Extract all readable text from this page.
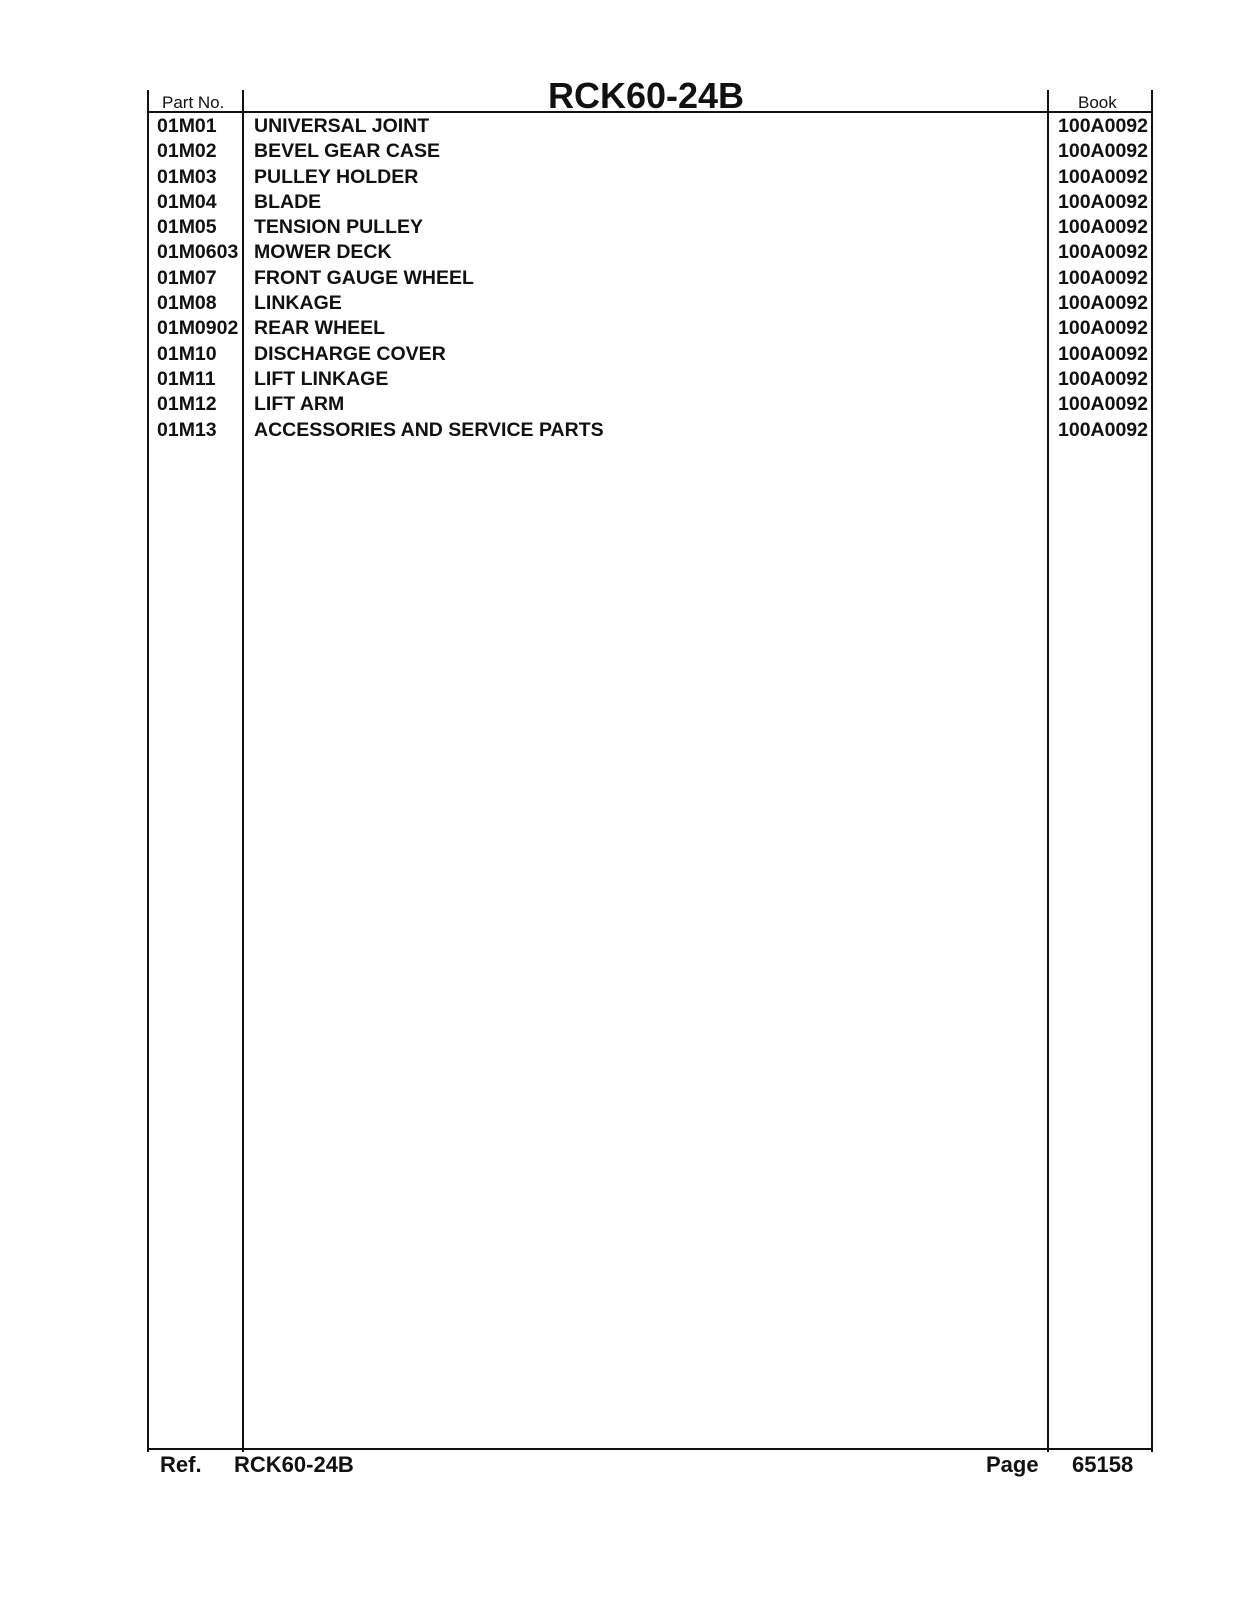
Part No.	RCK60-24B	Book
01M01 UNIVERSAL JOINT	100A0092
01M02 BEVEL GEAR CASE	100A0092
01M03 PULLEY HOLDER	100A0092
01M04 BLADE	100A0092
01M05 TENSION PULLEY	100A0092
01M0603 MOWER DECK	100A0092
01M07 FRONT GAUGE WHEEL	100A0092
01M08 LINKAGE	100A0092
01M0902 REAR WHEEL	100A0092
01M10 DISCHARGE COVER	100A0092
01M11 LIFT LINKAGE	100A0092
01M12 LIFT ARM	100A0092
01M13 ACCESSORIES AND SERVICE PARTS	100A0092
Ref. RCK60-24B	Page 65158
